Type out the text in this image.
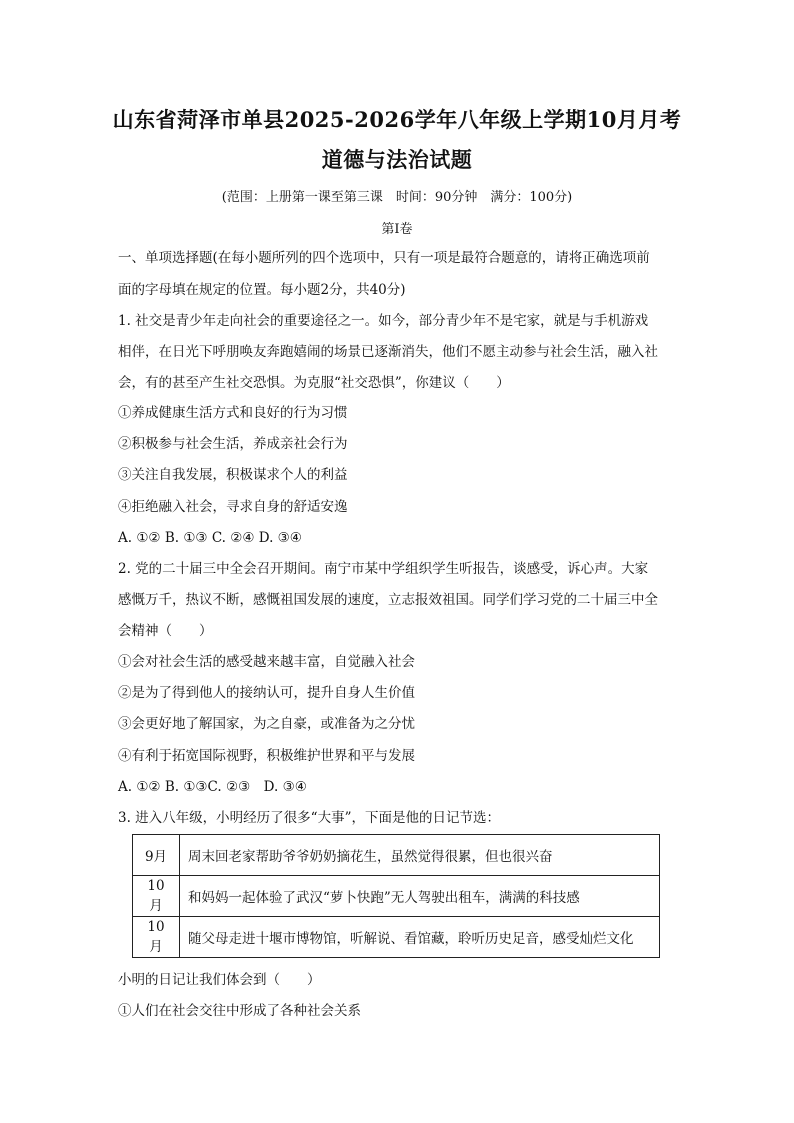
山东省菏泽市单县2025-2026学年八年级上学期10月月考
道德与法治试题
(范围：上册第一课至第三课　时间：90分钟　满分：100分)
第Ⅰ卷
一、单项选择题(在每小题所列的四个选项中，只有一项是最符合题意的，请将正确选项前
面的字母填在规定的位置。每小题2分，共40分)
1. 社交是青少年走向社会的重要途径之一。如今，部分青少年不是宅家，就是与手机游戏
相伴，在日光下呼朋唤友奔跑嬉闹的场景已逐渐消失，他们不愿主动参与社会生活，融入社
会，有的甚至产生社交恐惧。为克服“社交恐惧”，你建议（　　）
①养成健康生活方式和良好的行为习惯
②积极参与社会生活，养成亲社会行为
③关注自我发展，积极谋求个人的利益
④拒绝融入社会，寻求自身的舒适安逸
A. ①② B. ①③ C. ②④ D. ③④
2. 党的二十届三中全会召开期间。南宁市某中学组织学生听报告，谈感受，诉心声。大家
感慨万千，热议不断，感慨祖国发展的速度，立志报效祖国。同学们学习党的二十届三中全
会精神（　　）
①会对社会生活的感受越来越丰富，自觉融入社会
②是为了得到他人的接纳认可，提升自身人生价值
③会更好地了解国家，为之自豪，或准备为之分忧
④有利于拓宽国际视野，积极维护世界和平与发展
A. ①② B. ①③C. ②③　D. ③④
3. 进入八年级，小明经历了很多“大事”，下面是他的日记节选：
9月	周末回老家帮助爷爷奶奶摘花生，虽然觉得很累，但也很兴奋
10月	和妈妈一起体验了武汉“萝卜快跑”无人驾驶出租车，满满的科技感
10月	随父母走进十堰市博物馆，听解说、看馆藏，聆听历史足音，感受灿烂文化
小明的日记让我们体会到（　　）
①人们在社会交往中形成了各种社会关系
